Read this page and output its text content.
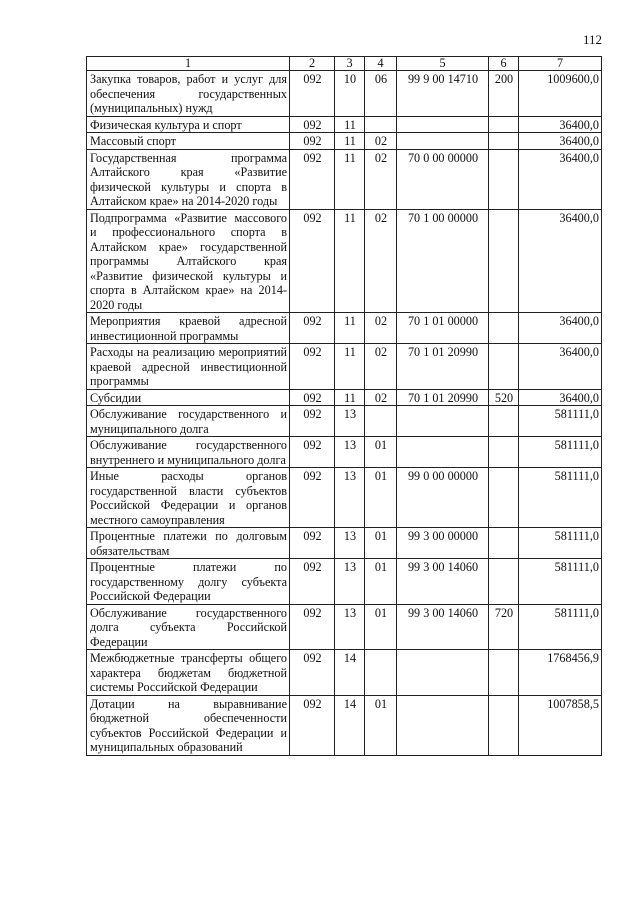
112
1	2	3	4	5	6	7
Закупка товаров, работ и услуг для обеспечения государственных (муниципальных) нужд	092	10	06	99 9 00 14710	200	1009600,0
Физическая культура и спорт	092	11				36400,0
Массовый спорт	092	11	02			36400,0
Государственная программа Алтайского края «Развитие физической культуры и спорта в Алтайском крае» на 2014-2020 годы	092	11	02	70 0 00 00000		36400,0
Подпрограмма «Развитие массового и профессионального спорта в Алтайском крае» государственной программы Алтайского края «Развитие физической культуры и спорта в Алтайском крае» на 2014-2020 годы	092	11	02	70 1 00 00000		36400,0
Мероприятия краевой адресной инвестиционной программы	092	11	02	70 1 01 00000		36400,0
Расходы на реализацию мероприятий краевой адресной инвестиционной программы	092	11	02	70 1 01 20990		36400,0
Субсидии	092	11	02	70 1 01 20990	520	36400,0
Обслуживание государственного и муниципального долга	092	13				581111,0
Обслуживание государственного внутреннего и муниципального долга	092	13	01			581111,0
Иные расходы органов государственной власти субъектов Российской Федерации и органов местного самоуправления	092	13	01	99 0 00 00000		581111,0
Процентные платежи по долговым обязательствам	092	13	01	99 3 00 00000		581111,0
Процентные платежи по государственному долгу субъекта Российской Федерации	092	13	01	99 3 00 14060		581111,0
Обслуживание государственного долга субъекта Российской Федерации	092	13	01	99 3 00 14060	720	581111,0
Межбюджетные трансферты общего характера бюджетам бюджетной системы Российской Федерации	092	14				1768456,9
Дотации на выравнивание бюджетной обеспеченности субъектов Российской Федерации и муниципальных образований	092	14	01			1007858,5
